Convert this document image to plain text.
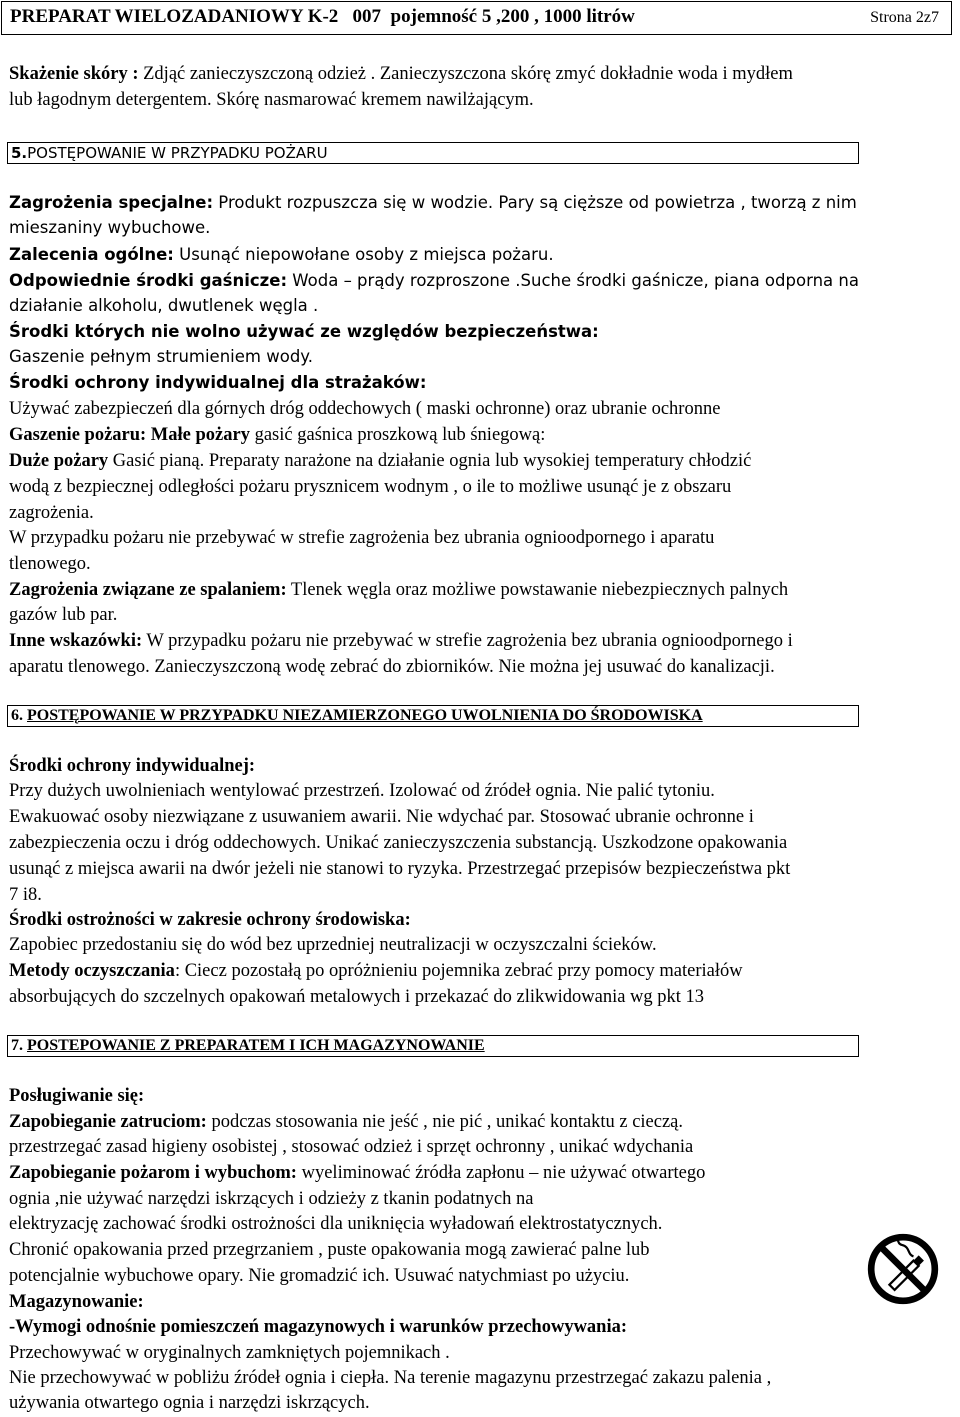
PREPARAT WIELOZADANIOWY K-2   007  pojemność 5 ,200 , 1000 litrów	Strona 2z7
Skażenie skóry : Zdjąć zanieczyszczoną odzież . Zanieczyszczona skórę zmyć dokładnie woda i mydłem
lub łagodnym detergentem. Skórę nasmarować kremem nawilżającym.
5.POSTĘPOWANIE W PRZYPADKU POŻARU
Zagrożenia specjalne: Produkt rozpuszcza się w wodzie. Pary są cięższe od powietrza , tworzą z nim
mieszaniny wybuchowe.
Zalecenia ogólne: Usunąć niepowołane osoby z miejsca pożaru.
Odpowiednie środki gaśnicze: Woda – prądy rozproszone .Suche środki gaśnicze, piana odporna na
działanie alkoholu, dwutlenek węgla .
Środki których nie wolno używać ze względów bezpieczeństwa:
Gaszenie pełnym strumieniem wody.
Środki ochrony indywidualnej dla strażaków:
Używać zabezpieczeń dla górnych dróg oddechowych ( maski ochronne) oraz ubranie ochronne
Gaszenie pożaru: Małe pożary gasić gaśnica proszkową lub śniegową:
Duże pożary Gasić pianą. Preparaty narażone na działanie ognia lub wysokiej temperatury chłodzić
wodą z bezpiecznej odległości pożaru prysznicem wodnym , o ile to możliwe usunąć je z obszaru
zagrożenia.
W przypadku pożaru nie przebywać w strefie zagrożenia bez ubrania ognioodpornego i aparatu
tlenowego.
Zagrożenia związane ze spalaniem: Tlenek węgla oraz możliwe powstawanie niebezpiecznych palnych
gazów lub par.
Inne wskazówki: W przypadku pożaru nie przebywać w strefie zagrożenia bez ubrania ognioodpornego i
aparatu tlenowego. Zanieczyszczoną wodę zebrać do zbiorników. Nie można jej usuwać do kanalizacji.
6. POSTĘPOWANIE W PRZYPADKU NIEZAMIERZONEGO UWOLNIENIA DO ŚRODOWISKA
Środki ochrony indywidualnej:
Przy dużych uwolnieniach wentylować przestrzeń. Izolować od źródeł ognia. Nie palić tytoniu.
Ewakuować osoby niezwiązane z usuwaniem awarii. Nie wdychać par. Stosować ubranie ochronne i
zabezpieczenia oczu i dróg oddechowych. Unikać zanieczyszczenia substancją. Uszkodzone opakowania
usunąć z miejsca awarii na dwór jeżeli nie stanowi to ryzyka. Przestrzegać przepisów bezpieczeństwa pkt
7 i8.
Środki ostrożności w zakresie ochrony środowiska:
Zapobiec przedostaniu się do wód bez uprzedniej neutralizacji w oczyszczalni ścieków.
Metody oczyszczania: Ciecz pozostałą po opróżnieniu pojemnika zebrać przy pomocy materiałów
absorbujących do szczelnych opakowań metalowych i przekazać do zlikwidowania wg pkt 13
7. POSTEPOWANIE Z PREPARATEM I ICH MAGAZYNOWANIE
Posługiwanie się:
Zapobieganie zatruciom: podczas stosowania nie jeść , nie pić , unikać kontaktu z cieczą.
przestrzegać zasad higieny osobistej , stosować odzież i sprzęt ochronny , unikać wdychania
Zapobieganie pożarom i wybuchom: wyeliminować źródła zapłonu – nie używać otwartego
ognia ,nie używać narzędzi iskrzących i odzieży z tkanin podatnych na
elektryzację zachować środki ostrożności dla uniknięcia wyładowań elektrostatycznych.
Chronić opakowania przed przegrzaniem , puste opakowania mogą zawierać palne lub
potencjalnie wybuchowe opary. Nie gromadzić ich. Usuwać natychmiast po użyciu.
Magazynowanie:
-Wymogi odnośnie pomieszczeń magazynowych i warunków przechowywania:
Przechowywać w oryginalnych zamkniętych pojemnikach .
Nie przechowywać w pobliżu źródeł ognia i ciepła. Na terenie magazynu przestrzegać zakazu palenia ,
używania otwartego ognia i narzędzi iskrzących.
